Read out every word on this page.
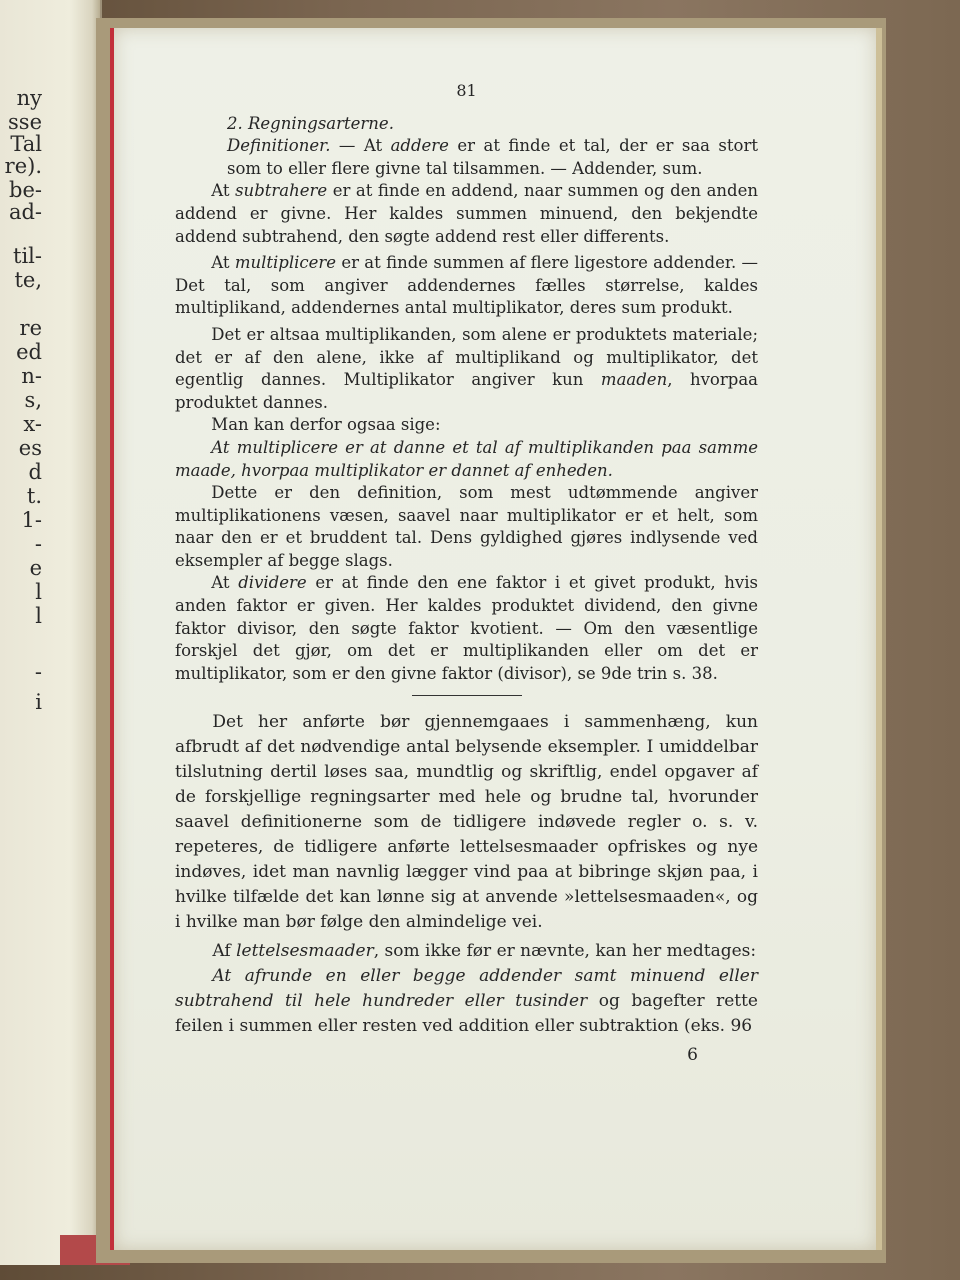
ny
sse
Tal
re).
be-
ad-
til-
te,
re
ed
n-
s,
x-
es
d
t.
1-
-
e
l
l
-
i

81

2. Regningsarterne.

Definitioner. — At addere er at finde et tal, der er saa stort som to eller flere givne tal tilsammen. — Addender, sum.

At subtrahere er at finde en addend, naar summen og den anden addend er givne. Her kaldes summen minuend, den bekjendte addend subtrahend, den søgte addend rest eller differents.

At multiplicere er at finde summen af flere ligestore addender. — Det tal, som angiver addendernes fælles størrelse, kaldes multiplikand, addendernes antal multiplikator, deres sum produkt.

Det er altsaa multiplikanden, som alene er produktets materiale; det er af den alene, ikke af multiplikand og multiplikator, det egentlig dannes. Multiplikator angiver kun maaden, hvorpaa produktet dannes.

Man kan derfor ogsaa sige:

At multiplicere er at danne et tal af multiplikanden paa samme maade, hvorpaa multiplikator er dannet af enheden.

Dette er den definition, som mest udtømmende angiver multiplikationens væsen, saavel naar multiplikator er et helt, som naar den er et bruddent tal. Dens gyldighed gjøres indlysende ved eksempler af begge slags.

At dividere er at finde den ene faktor i et givet produkt, hvis anden faktor er given. Her kaldes produktet dividend, den givne faktor divisor, den søgte faktor kvotient. — Om den væsentlige forskjel det gjør, om det er multiplikanden eller om det er multiplikator, som er den givne faktor (divisor), se 9de trin s. 38.

Det her anførte bør gjennemgaaes i sammenhæng, kun afbrudt af det nødvendige antal belysende eksempler. I umiddelbar tilslutning dertil løses saa, mundtlig og skriftlig, endel opgaver af de forskjellige regningsarter med hele og brudne tal, hvorunder saavel definitionerne som de tidligere indøvede regler o. s. v. repeteres, de tidligere anførte lettelsesmaader opfriskes og nye indøves, idet man navnlig lægger vind paa at bibringe skjøn paa, i hvilke tilfælde det kan lønne sig at anvende »lettelsesmaaden«, og i hvilke man bør følge den almindelige vei.

Af lettelsesmaader, som ikke før er nævnte, kan her medtages:

At afrunde en eller begge addender samt minuend eller subtrahend til hele hundreder eller tusinder og bagefter rette feilen i summen eller resten ved addition eller subtraktion (eks. 96

6
